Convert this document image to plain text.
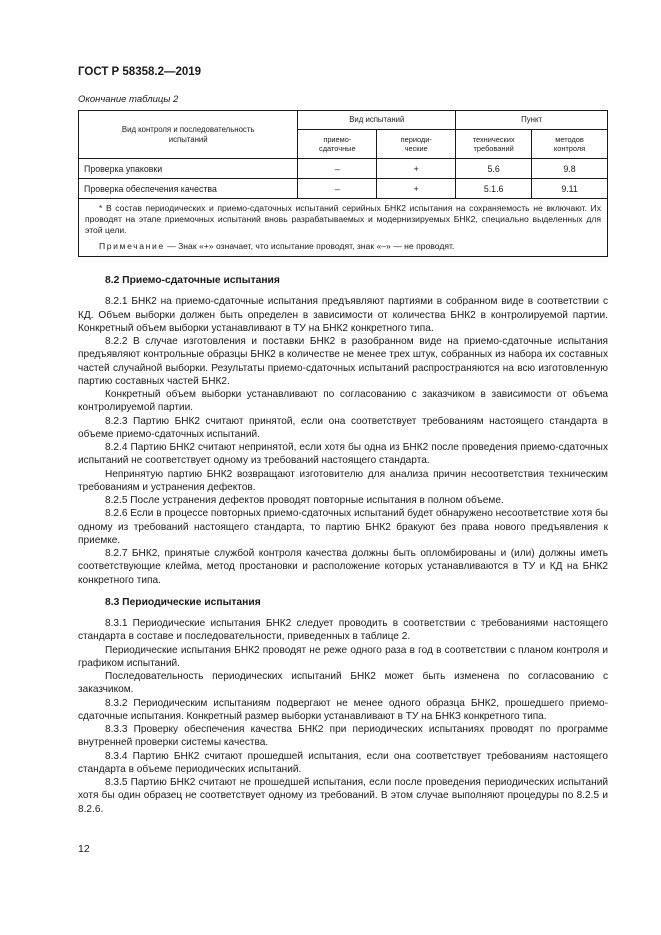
ГОСТ Р 58358.2—2019
Окончание таблицы 2
Вид контроля и последовательность испытаний	Вид испытаний		Пункт	
	приемо-сдаточные	периоди-ческие	технических требований	методов контроля
Проверка упаковки	–	+	5.6	9.8
Проверка обеспечения качества	–	+	5.1.6	9.11

* В состав периодических и приемо-сдаточных испытаний серийных БНК2 испытания на сохраняемость не включают. Их проводят на этапе приемочных испытаний вновь разрабатываемых и модернизируемых БНК2, специально выделенных для этой цели.

Примечание — Знак «+» означает, что испытание проводят, знак «–» — не проводят.				

8.2 Приемо-сдаточные испытания

8.2.1 БНК2 на приемо-сдаточные испытания предъявляют партиями в собранном виде в соответствии с КД. Объем выборки должен быть определен в зависимости от количества БНК2 в контролируемой партии. Конкретный объем выборки устанавливают в ТУ на БНК2 конкретного типа.

8.2.2 В случае изготовления и поставки БНК2 в разобранном виде на приемо-сдаточные испытания предъявляют контрольные образцы БНК2 в количестве не менее трех штук, собранных из набора их составных частей случайной выборки. Результаты приемо-сдаточных испытаний распространяются на всю изготовленную партию составных частей БНК2.

Конкретный объем выборки устанавливают по согласованию с заказчиком в зависимости от объема контролируемой партии.

8.2.3 Партию БНК2 считают принятой, если она соответствует требованиям настоящего стандарта в объеме приемо-сдаточных испытаний.

8.2.4 Партию БНК2 считают непринятой, если хотя бы одна из БНК2 после проведения приемо-сдаточных испытаний не соответствует одному из требований настоящего стандарта.

Непринятую партию БНК2 возвращают изготовителю для анализа причин несоответствия техническим требованиям и устранения дефектов.

8.2.5 После устранения дефектов проводят повторные испытания в полном объеме.

8.2.6 Если в процессе повторных приемо-сдаточных испытаний будет обнаружено несоответствие хотя бы одному из требований настоящего стандарта, то партию БНК2 бракуют без права нового предъявления к приемке.

8.2.7 БНК2, принятые службой контроля качества должны быть опломбированы и (или) должны иметь соответствующие клейма, метод простановки и расположение которых устанавливаются в ТУ и КД на БНК2 конкретного типа.

8.3 Периодические испытания

8.3.1 Периодические испытания БНК2 следует проводить в соответствии с требованиями настоящего стандарта в составе и последовательности, приведенных в таблице 2.

Периодические испытания БНК2 проводят не реже одного раза в год в соответствии с планом контроля и графиком испытаний.

Последовательность периодических испытаний БНК2 может быть изменена по согласованию с заказчиком.

8.3.2 Периодическим испытаниям подвергают не менее одного образца БНК2, прошедшего приемо-сдаточные испытания. Конкретный размер выборки устанавливают в ТУ на БНКЗ конкретного типа.

8.3.3 Проверку обеспечения качества БНК2 при периодических испытаниях проводят по программе внутренней проверки системы качества.

8.3.4 Партию БНК2 считают прошедшей испытания, если она соответствует требованиям настоящего стандарта в объеме периодических испытаний.

8.3.5 Партию БНК2 считают не прошедшей испытания, если после проведения периодических испытаний хотя бы один образец не соответствует одному из требований. В этом случае выполняют процедуры по 8.2.5 и 8.2.6.

12
